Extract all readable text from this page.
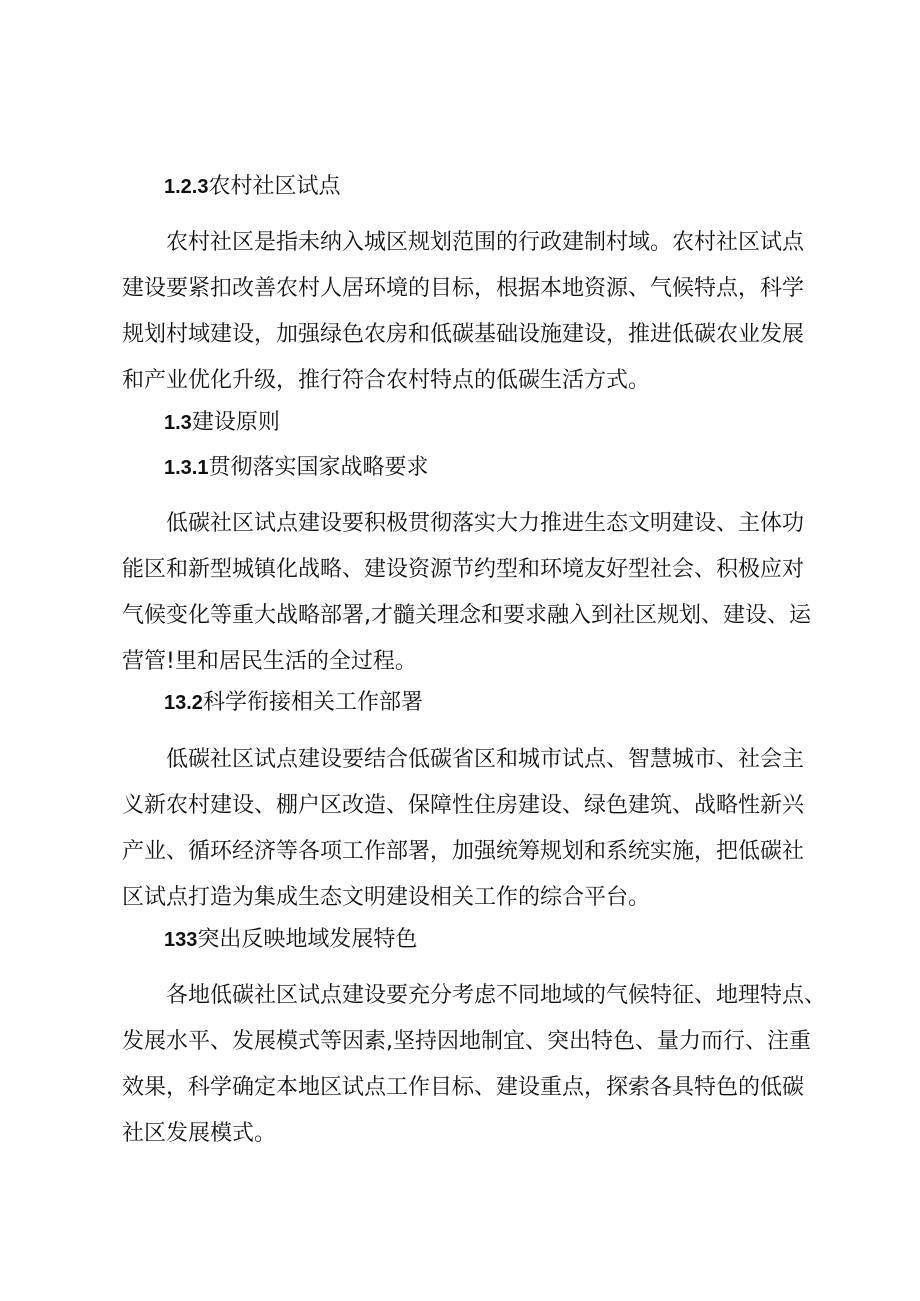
1.2.3农村社区试点
农村社区是指未纳入城区规划范围的行政建制村域。农村社区试点
建设要紧扣改善农村人居环境的目标，根据本地资源、气候特点，科学
规划村域建设，加强绿色农房和低碳基础设施建设，推进低碳农业发展
和产业优化升级，推行符合农村特点的低碳生活方式。
1.3建设原则
1.3.1贯彻落实国家战略要求
低碳社区试点建设要积极贯彻落实大力推进生态文明建设、主体功
能区和新型城镇化战略、建设资源节约型和环境友好型社会、积极应对
气候变化等重大战略部署,才髓关理念和要求融入到社区规划、建设、运
营管!里和居民生活的全过程。
13.2科学衔接相关工作部署
低碳社区试点建设要结合低碳省区和城市试点、智慧城市、社会主
义新农村建设、棚户区改造、保障性住房建设、绿色建筑、战略性新兴
产业、循环经济等各项工作部署，加强统筹规划和系统实施，把低碳社
区试点打造为集成生态文明建设相关工作的综合平台。
133突出反映地域发展特色
各地低碳社区试点建设要充分考虑不同地域的气候特征、地理特点、
发展水平、发展模式等因素,坚持因地制宜、突出特色、量力而行、注重
效果，科学确定本地区试点工作目标、建设重点，探索各具特色的低碳
社区发展模式。
